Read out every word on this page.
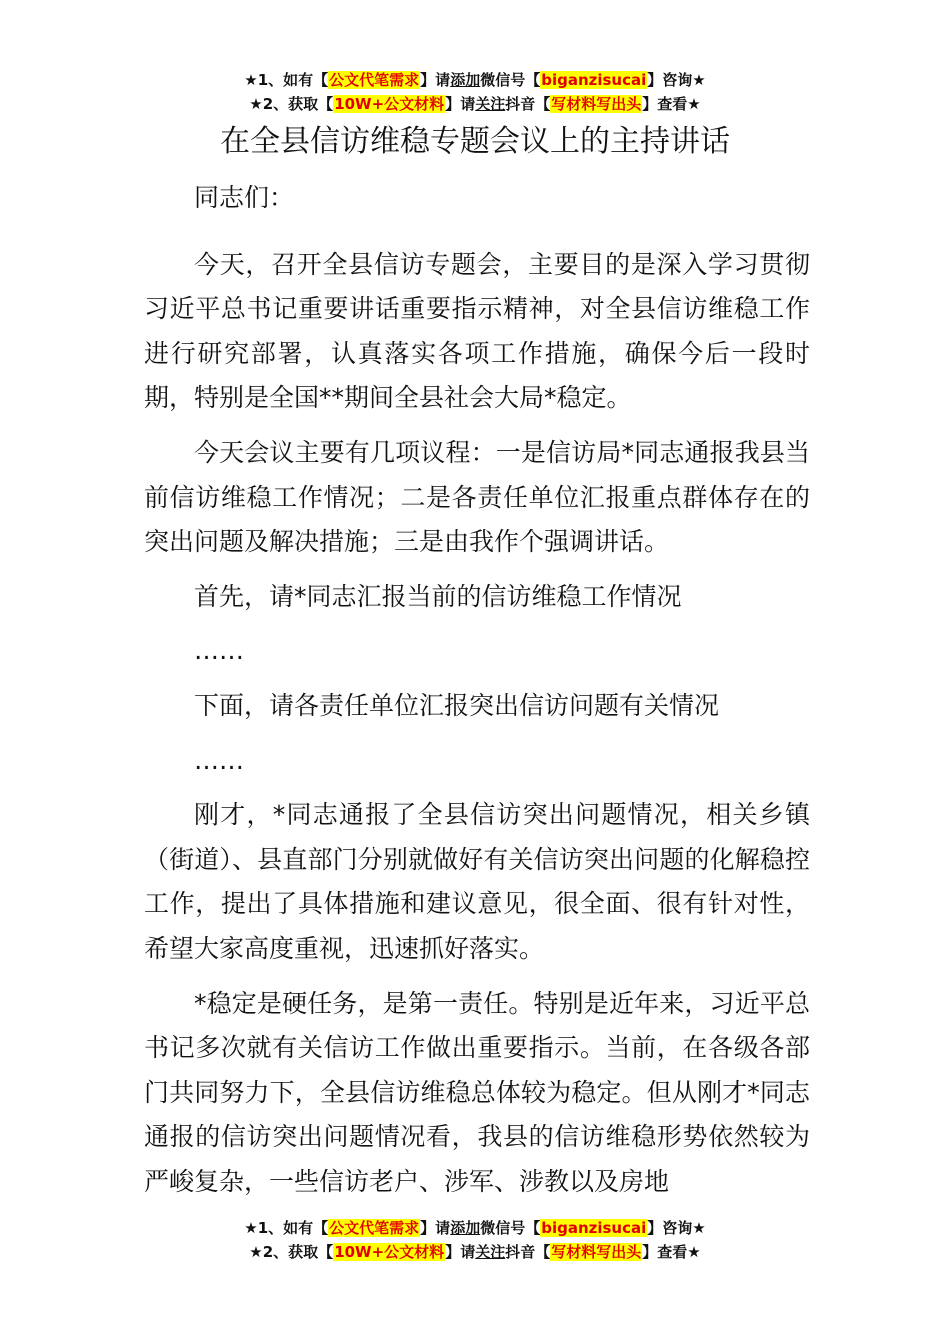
★1、如有【公文代笔需求】请添加微信号【biganzisucai】咨询★
★2、获取【10W+公文材料】请关注抖音【写材料写出头】查看★
在全县信访维稳专题会议上的主持讲话

同志们：

今天，召开全县信访专题会，主要目的是深入学习贯彻习近平总书记重要讲话重要指示精神，对全县信访维稳工作进行研究部署，认真落实各项工作措施，确保今后一段时期，特别是全国**期间全县社会大局*稳定。

今天会议主要有几项议程：一是信访局*同志通报我县当前信访维稳工作情况；二是各责任单位汇报重点群体存在的突出问题及解决措施；三是由我作个强调讲话。

首先，请*同志汇报当前的信访维稳工作情况

……

下面，请各责任单位汇报突出信访问题有关情况

……

刚才，*同志通报了全县信访突出问题情况，相关乡镇（街道）、县直部门分别就做好有关信访突出问题的化解稳控工作，提出了具体措施和建议意见，很全面、很有针对性，希望大家高度重视，迅速抓好落实。

*稳定是硬任务，是第一责任。特别是近年来，习近平总书记多次就有关信访工作做出重要指示。当前，在各级各部门共同努力下，全县信访维稳总体较为稳定。但从刚才*同志通报的信访突出问题情况看，我县的信访维稳形势依然较为严峻复杂，一些信访老户、涉军、涉教以及房地

★1、如有【公文代笔需求】请添加微信号【biganzisucai】咨询★
★2、获取【10W+公文材料】请关注抖音【写材料写出头】查看★
